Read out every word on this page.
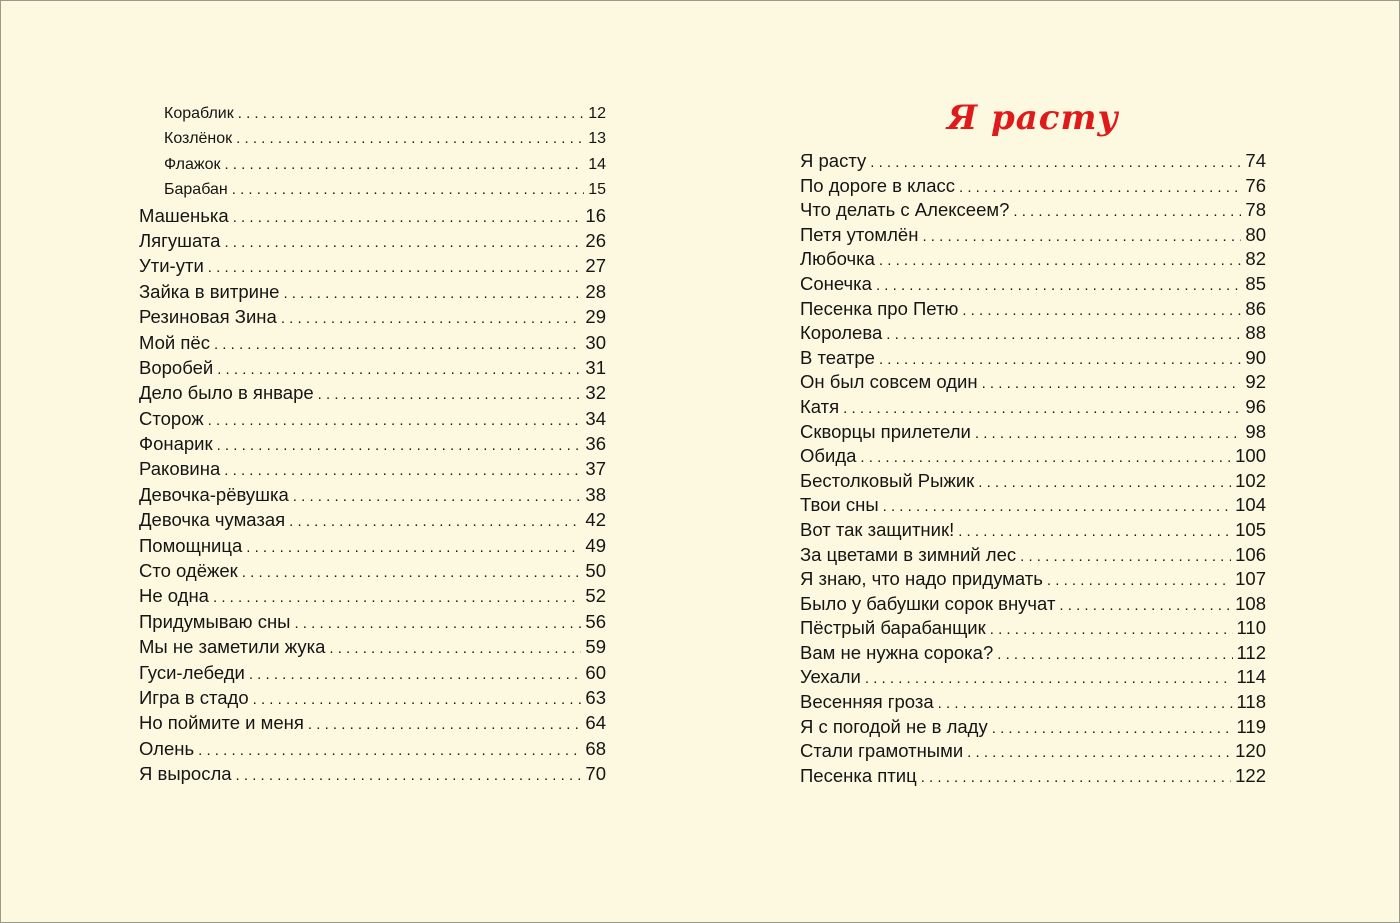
Кораблик . . .	12
Козлёнок . . .	13
Флажок . . .	14
Барабан . . .	15
Машенька . . .	16
Лягушата . . .	26
Ути-ути . . .	27
Зайка в витрине . . .	28
Резиновая Зина . . .	29
Мой пёс . . .	30
Воробей . . .	31
Дело было в январе . . .	32
Сторож . . .	34
Фонарик . . .	36
Раковина . . .	37
Девочка-рёвушка . . .	38
Девочка чумазая . . .	42
Помощница . . .	49
Сто одёжек . . .	50
Не одна . . .	52
Придумываю сны . . .	56
Мы не заметили жука . . .	59
Гуси-лебеди . . .	60
Игра в стадо . . .	63
Но поймите и меня . . .	64
Олень . . .	68
Я выросла . . .	70
Я расту
Я расту . . .	74
По дороге в класс . . .	76
Что делать с Алексеем? . . .	78
Петя утомлён . . .	80
Любочка . . .	82
Сонечка . . .	85
Песенка про Петю . . .	86
Королева . . .	88
В театре . . .	90
Он был совсем один . . .	92
Катя . . .	96
Скворцы прилетели . . .	98
Обида . . .	100
Бестолковый Рыжик . . .	102
Твои сны . . .	104
Вот так защитник! . . .	105
За цветами в зимний лес . . .	106
Я знаю, что надо придумать . . .	107
Было у бабушки сорок внучат . . .	108
Пёстрый барабанщик . . .	110
Вам не нужна сорока? . . .	112
Уехали . . .	114
Весенняя гроза . . .	118
Я с погодой не в ладу . . .	119
Стали грамотными . . .	120
Песенка птиц . . .	122
